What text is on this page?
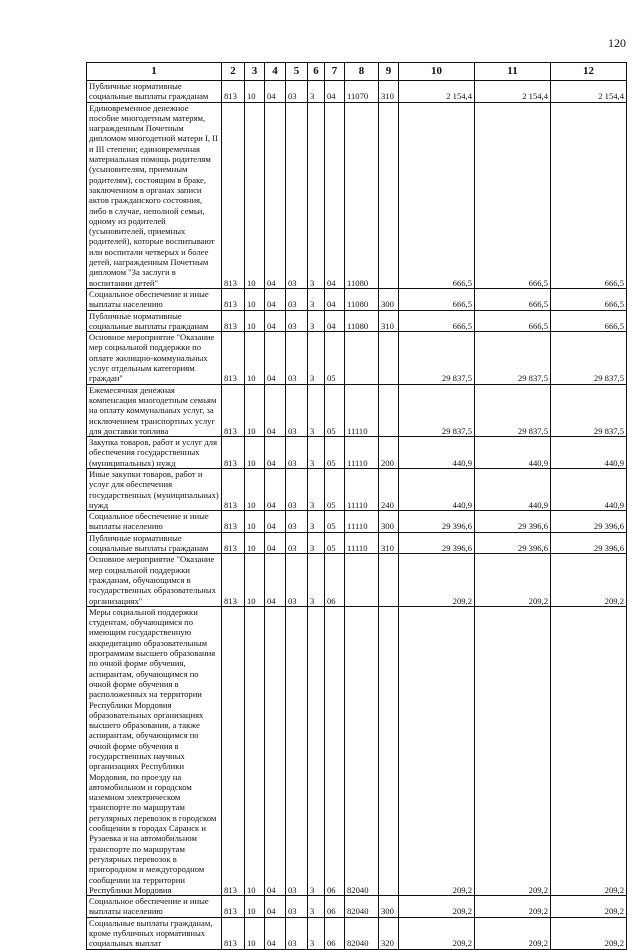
120
1	2	3	4	5	6	7	8	9	10	11	12
Публичные нормативные социальные выплаты гражданам	813	10	04	03	3	04	11070	310	2 154,4	2 154,4	2 154,4
Единовременное денежное пособие многодетным матерям, награжденным Почетным дипломом многодетной матери I, II и III степени; единовременная материальная помощь родителям (усыновителям, приемным родителям), состоящим в браке, заключенном в органах записи актов гражданского состояния, либо в случае, неполной семьи, одному из родителей (усыновителей, приемных родителей), которые воспитывают или воспитали четверых и более детей, награжденным Почетным дипломом "За заслуги в воспитании детей"	813	10	04	03	3	04	11080		666,5	666,5	666,5
Социальное обеспечение и иные выплаты населению	813	10	04	03	3	04	11080	300	666,5	666,5	666,5
Публичные нормативные социальные выплаты гражданам	813	10	04	03	3	04	11080	310	666,5	666,5	666,5
Основное мероприятие "Оказание мер социальной поддержки по оплате жилищно-коммунальных услуг отдельным категориям граждан"	813	10	04	03	3	05			29 837,5	29 837,5	29 837,5
Ежемесячная денежная компенсация многодетным семьям на оплату коммунальных услуг, за исключением транспортных услуг для доставки топлива	813	10	04	03	3	05	11110		29 837,5	29 837,5	29 837,5
Закупка товаров, работ и услуг для обеспечения государственных (муниципальных) нужд	813	10	04	03	3	05	11110	200	440,9	440,9	440,9
Иные закупки товаров, работ и услуг для обеспечения государственных (муниципальных) нужд	813	10	04	03	3	05	11110	240	440,9	440,9	440,9
Социальное обеспечение и иные выплаты населению	813	10	04	03	3	05	11110	300	29 396,6	29 396,6	29 396,6
Публичные нормативные социальные выплаты гражданам	813	10	04	03	3	05	11110	310	29 396,6	29 396,6	29 396,6
Основное мероприятие "Оказание мер социальной поддержки гражданам, обучающимся в государственных образовательных организациях"	813	10	04	03	3	06			209,2	209,2	209,2
Меры социальной поддержки студентам, обучающимся по имеющим государственную аккредитацию образовательным программам высшего образования по очной форме обучения, аспирантам, обучающимся по очной форме обучения в расположенных на территории Республики Мордовия образовательных организациях высшего образования, а также аспирантам, обучающимся по очной форме обучения в государственных научных организациях Республики Мордовия, по проезду на автомобильном и городском наземном электрическом транспорте по маршрутам регулярных перевозок в городском сообщении в городах Саранск и Рузаевка и на автомобильном транспорте по маршрутам регулярных перевозок в пригородном и междугородном сообщении на территории Республики Мордовия	813	10	04	03	3	06	82040		209,2	209,2	209,2
Социальное обеспечение и иные выплаты населению	813	10	04	03	3	06	82040	300	209,2	209,2	209,2
Социальные выплаты гражданам, кроме публичных нормативных социальных выплат	813	10	04	03	3	06	82040	320	209,2	209,2	209,2
